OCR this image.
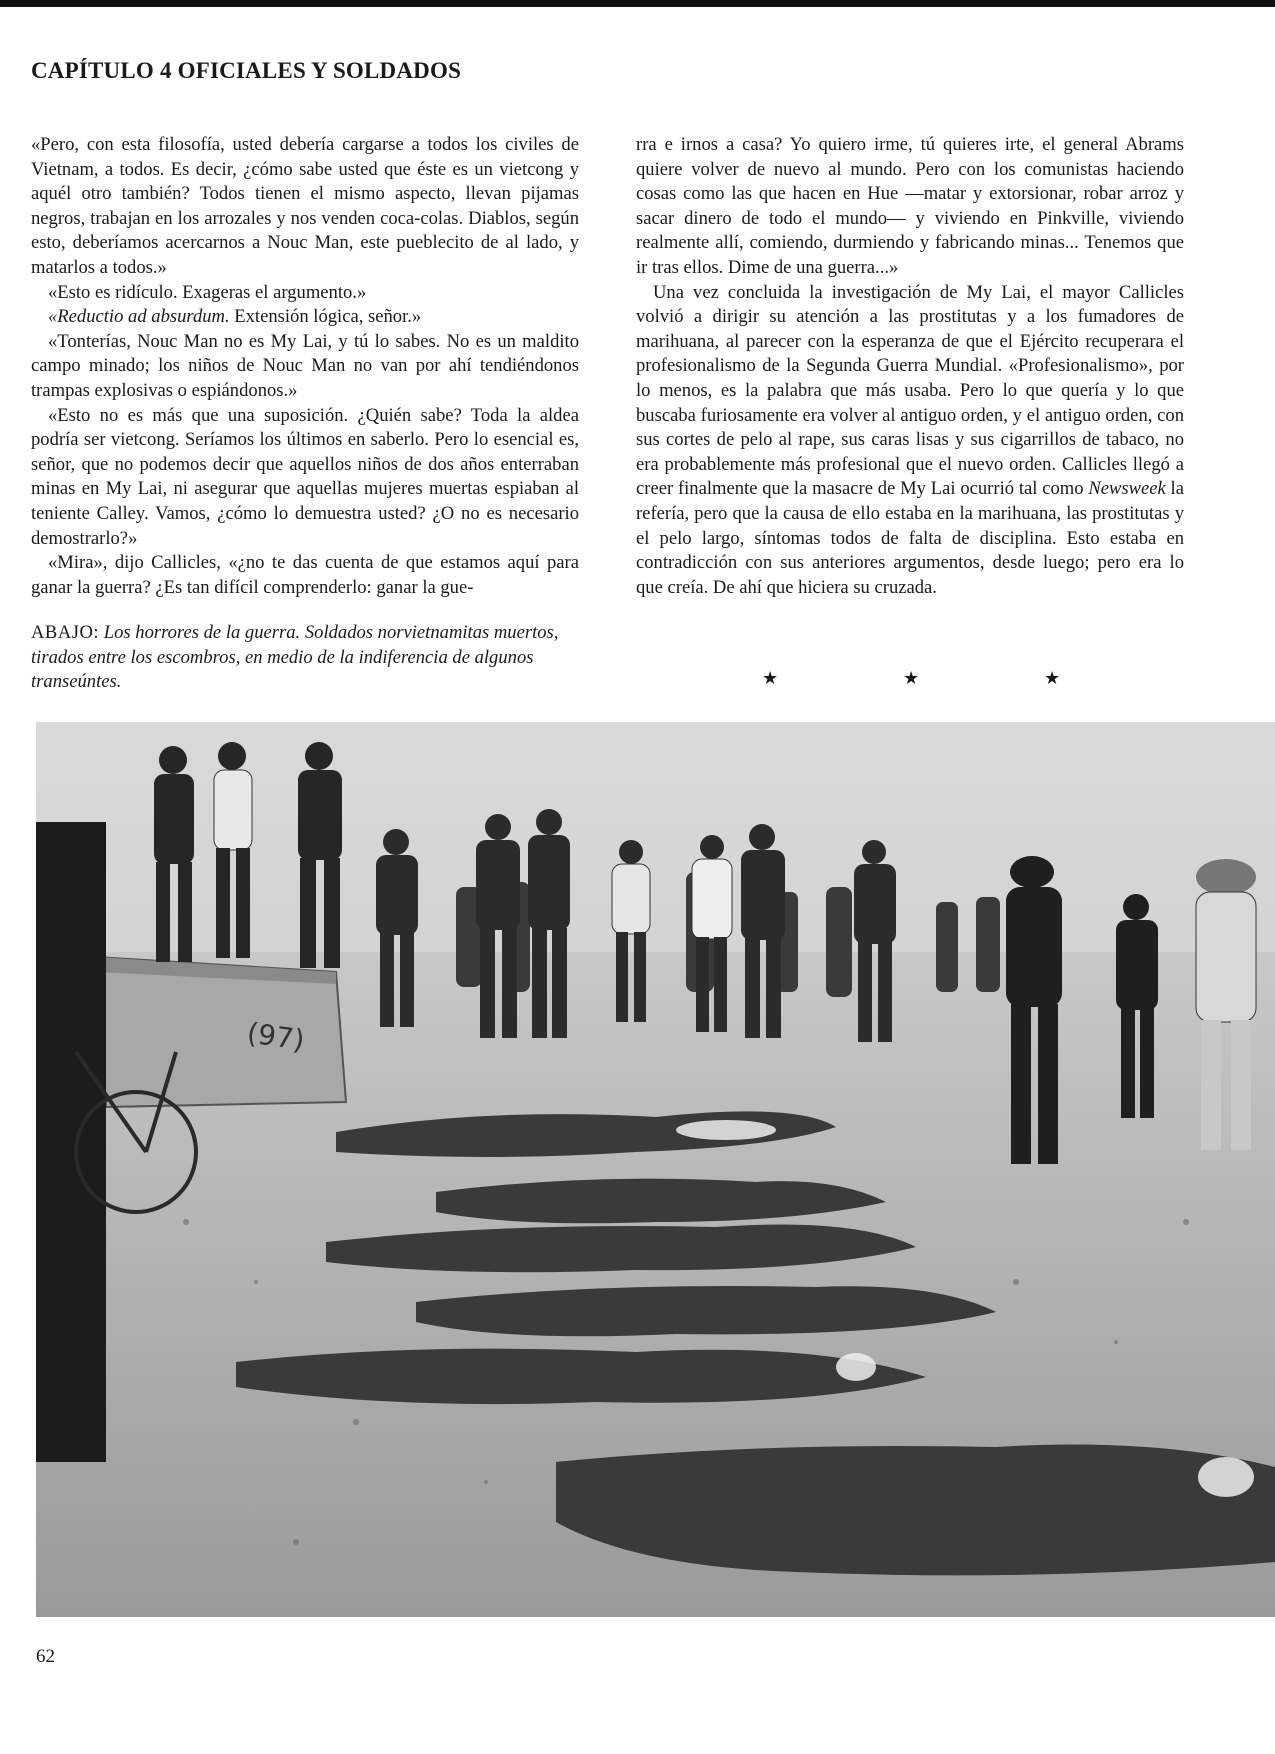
CAPÍTULO 4 OFICIALES Y SOLDADOS

«Pero, con esta filosofía, usted debería cargarse a todos los civiles de Vietnam, a todos. Es decir, ¿cómo sabe usted que éste es un vietcong y aquél otro también? Todos tienen el mismo aspecto, llevan pijamas negros, trabajan en los arrozales y nos venden coca-colas. Diablos, según esto, deberíamos acercarnos a Nouc Man, este pueblecito de al lado, y matarlos a todos.»

«Esto es ridículo. Exageras el argumento.»

«Reductio ad absurdum. Extensión lógica, señor.»

«Tonterías, Nouc Man no es My Lai, y tú lo sabes. No es un maldito campo minado; los niños de Nouc Man no van por ahí tendiéndonos trampas explosivas o espiándonos.»

«Esto no es más que una suposición. ¿Quién sabe? Toda la aldea podría ser vietcong. Seríamos los últimos en saberlo. Pero lo esencial es, señor, que no podemos decir que aquellos niños de dos años enterraban minas en My Lai, ni asegurar que aquellas mujeres muertas espiaban al teniente Calley. Vamos, ¿cómo lo demuestra usted? ¿O no es necesario demostrarlo?»

«Mira», dijo Callicles, «¿no te das cuenta de que estamos aquí para ganar la guerra? ¿Es tan difícil comprenderlo: ganar la gue-

rra e irnos a casa? Yo quiero irme, tú quieres irte, el general Abrams quiere volver de nuevo al mundo. Pero con los comunistas haciendo cosas como las que hacen en Hue —matar y extorsionar, robar arroz y sacar dinero de todo el mundo— y viviendo en Pinkville, viviendo realmente allí, comiendo, durmiendo y fabricando minas... Tenemos que ir tras ellos. Dime de una guerra...»

Una vez concluida la investigación de My Lai, el mayor Callicles volvió a dirigir su atención a las prostitutas y a los fumadores de marihuana, al parecer con la esperanza de que el Ejército recuperara el profesionalismo de la Segunda Guerra Mundial. «Profesionalismo», por lo menos, es la palabra que más usaba. Pero lo que quería y lo que buscaba furiosamente era volver al antiguo orden, y el antiguo orden, con sus cortes de pelo al rape, sus caras lisas y sus cigarrillos de tabaco, no era probablemente más profesional que el nuevo orden. Callicles llegó a creer finalmente que la masacre de My Lai ocurrió tal como Newsweek la refería, pero que la causa de ello estaba en la marihuana, las prostitutas y el pelo largo, síntomas todos de falta de disciplina. Esto estaba en contradicción con sus anteriores argumentos, desde luego; pero era lo que creía. De ahí que hiciera su cruzada.

★	★	★
ABAJO: Los horrores de la guerra. Soldados norvietnamitas muertos, tirados entre los escombros, en medio de la indiferencia de algunos transeúntes.
(97)
62
